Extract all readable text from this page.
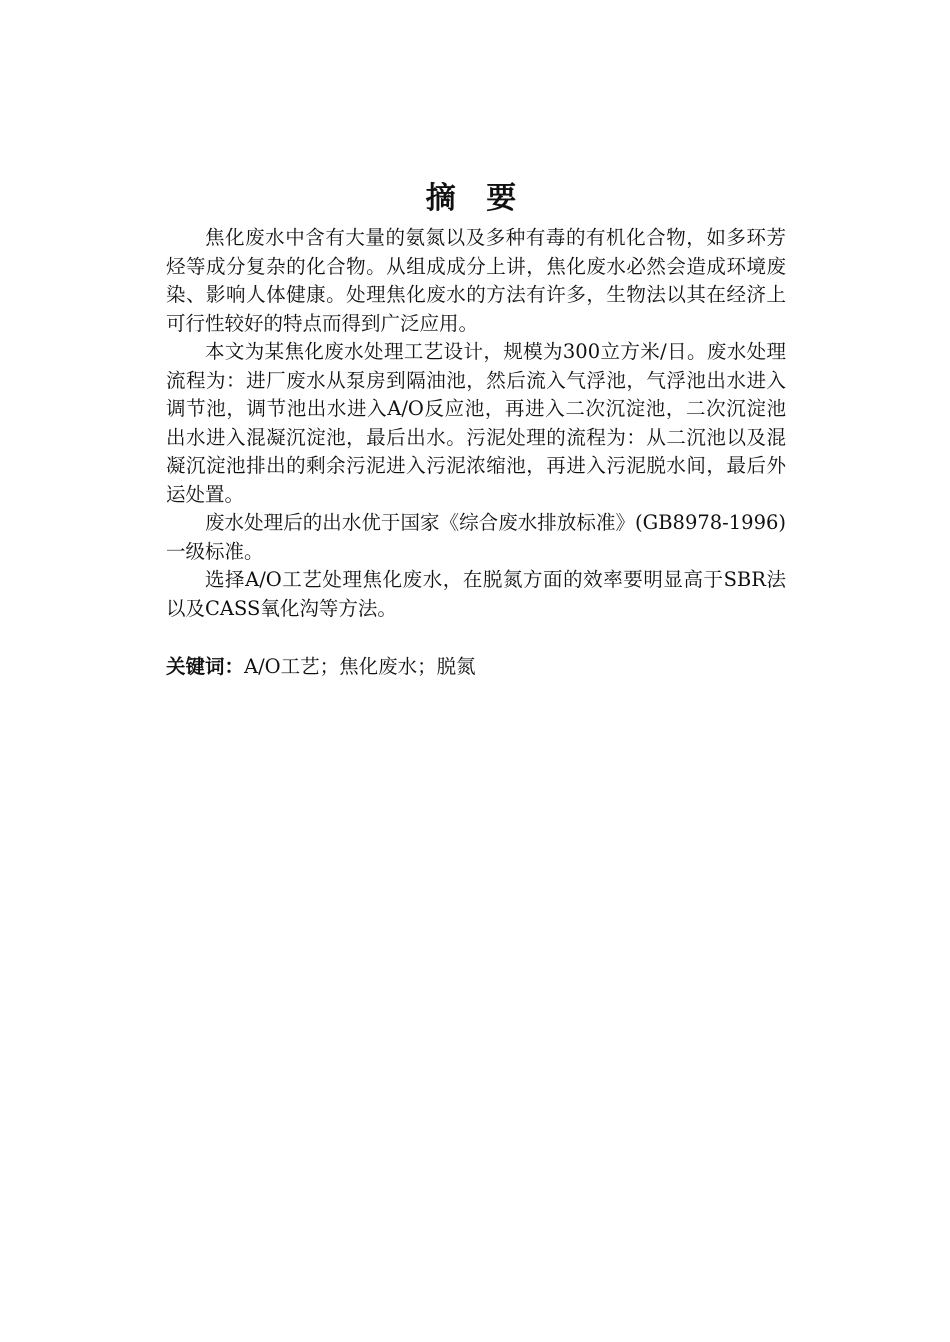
摘 要

焦化废水中含有大量的氨氮以及多种有毒的有机化合物，如多环芳烃等成分复杂的化合物。从组成成分上讲，焦化废水必然会造成环境废染、影响人体健康。处理焦化废水的方法有许多，生物法以其在经济上可行性较好的特点而得到广泛应用。

本文为某焦化废水处理工艺设计，规模为300立方米/日。废水处理流程为：进厂废水从泵房到隔油池，然后流入气浮池，气浮池出水进入调节池，调节池出水进入A/O反应池，再进入二次沉淀池，二次沉淀池出水进入混凝沉淀池，最后出水。污泥处理的流程为：从二沉池以及混凝沉淀池排出的剩余污泥进入污泥浓缩池，再进入污泥脱水间，最后外运处置。

废水处理后的出水优于国家《综合废水排放标准》(GB8978-1996)一级标准。

选择A/O工艺处理焦化废水，在脱氮方面的效率要明显高于SBR法以及CASS氧化沟等方法。

关键词：A/O工艺；焦化废水；脱氮
